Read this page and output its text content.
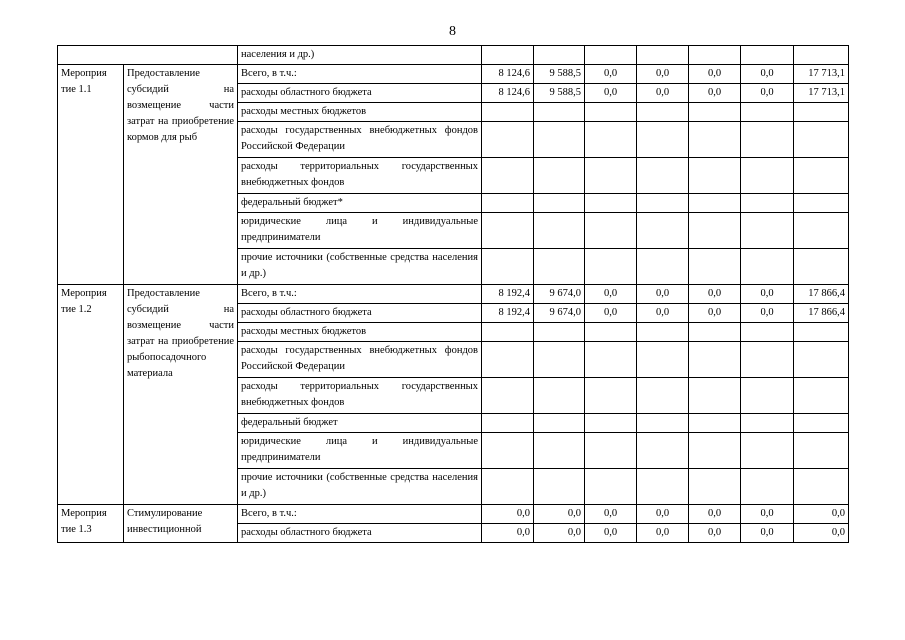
8
		населения и др.)							
Мероприя тие 1.1	Предоставление субсидий на возмещение части затрат на приобретение кормов для рыб	Всего, в т.ч.:	8 124,6	9 588,5	0,0	0,0	0,0	0,0	17 713,1
		расходы областного бюджета	8 124,6	9 588,5	0,0	0,0	0,0	0,0	17 713,1
		расходы местных бюджетов							
		расходы государственных внебюджетных фондов Российской Федерации							
		расходы территориальных государственных внебюджетных фондов							
		федеральный бюджет*							
		юридические лица и индивидуальные предприниматели							
		прочие источники (собственные средства населения и др.)							
Мероприя тие 1.2	Предоставление субсидий на возмещение части затрат на приобретение рыбопосадочного материала	Всего, в т.ч.:	8 192,4	9 674,0	0,0	0,0	0,0	0,0	17 866,4
		расходы областного бюджета	8 192,4	9 674,0	0,0	0,0	0,0	0,0	17 866,4
		расходы местных бюджетов							
		расходы государственных внебюджетных фондов Российской Федерации							
		расходы территориальных государственных внебюджетных фондов							
		федеральный бюджет							
		юридические лица и индивидуальные предприниматели							
		прочие источники (собственные средства населения и др.)							
Мероприя тие 1.3	Стимулирование инвестиционной	Всего, в т.ч.:	0,0	0,0	0,0	0,0	0,0	0,0	0,0
		расходы областного бюджета	0,0	0,0	0,0	0,0	0,0	0,0	0,0
